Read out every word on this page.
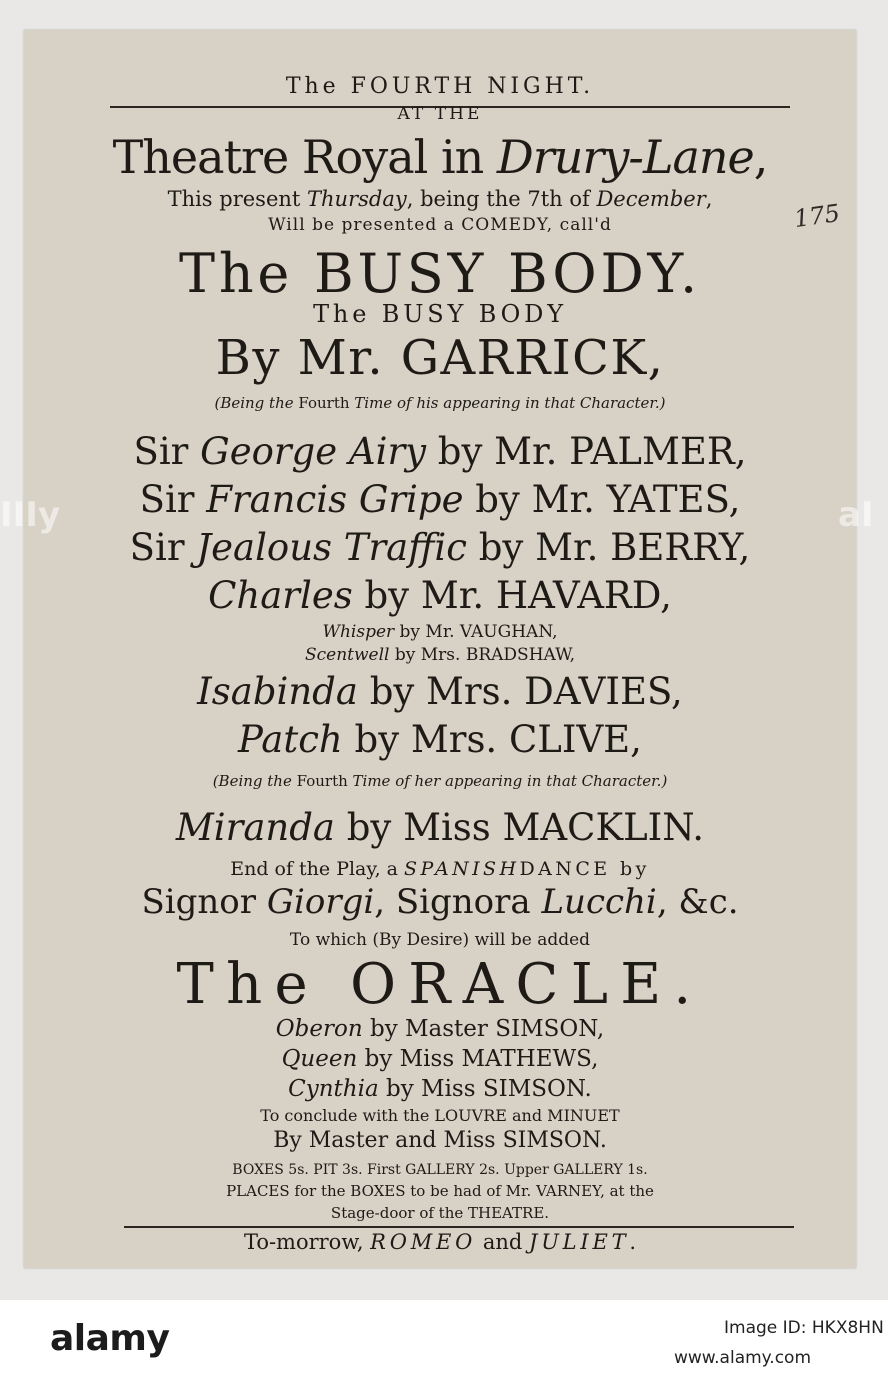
The FOURTH NIGHT.
AT THE
Theatre Royal in Drury-Lane,
This present Thursday, being the 7th of December,
Will be presented a COMEDY, call'd
The BUSY BODY.
The BUSY BODY
By Mr. GARRICK,
(Being the Fourth Time of his appearing in that Character.)
Sir George Airy by Mr. PALMER,
Sir Francis Gripe by Mr. YATES,
Sir Jealous Traffic by Mr. BERRY,
Charles by Mr. HAVARD,
Whisper by Mr. VAUGHAN,
Scentwell by Mrs. BRADSHAW,
Isabinda by Mrs. DAVIES,
Patch by Mrs. CLIVE,
(Being the Fourth Time of her appearing in that Character.)
Miranda by Miss MACKLIN.
End of the Play, a SPANISHDANCE by
Signor Giorgi, Signora Lucchi, &c.
To which (By Desire) will be added
The ORACLE.
Oberon by Master SIMSON,
Queen by Miss MATHEWS,
Cynthia by Miss SIMSON.
To conclude with the LOUVRE and MINUET
By Master and Miss SIMSON.
BOXES 5s. PIT 3s. First GALLERY 2s. Upper GALLERY 1s.
PLACES for the BOXES to be had of Mr. VARNEY, at the
Stage-door of the THEATRE.
To-morrow, ROMEO and JULIET.
175
IIIy	aI
alamy	Image ID: HKX8HN
www.alamy.com
